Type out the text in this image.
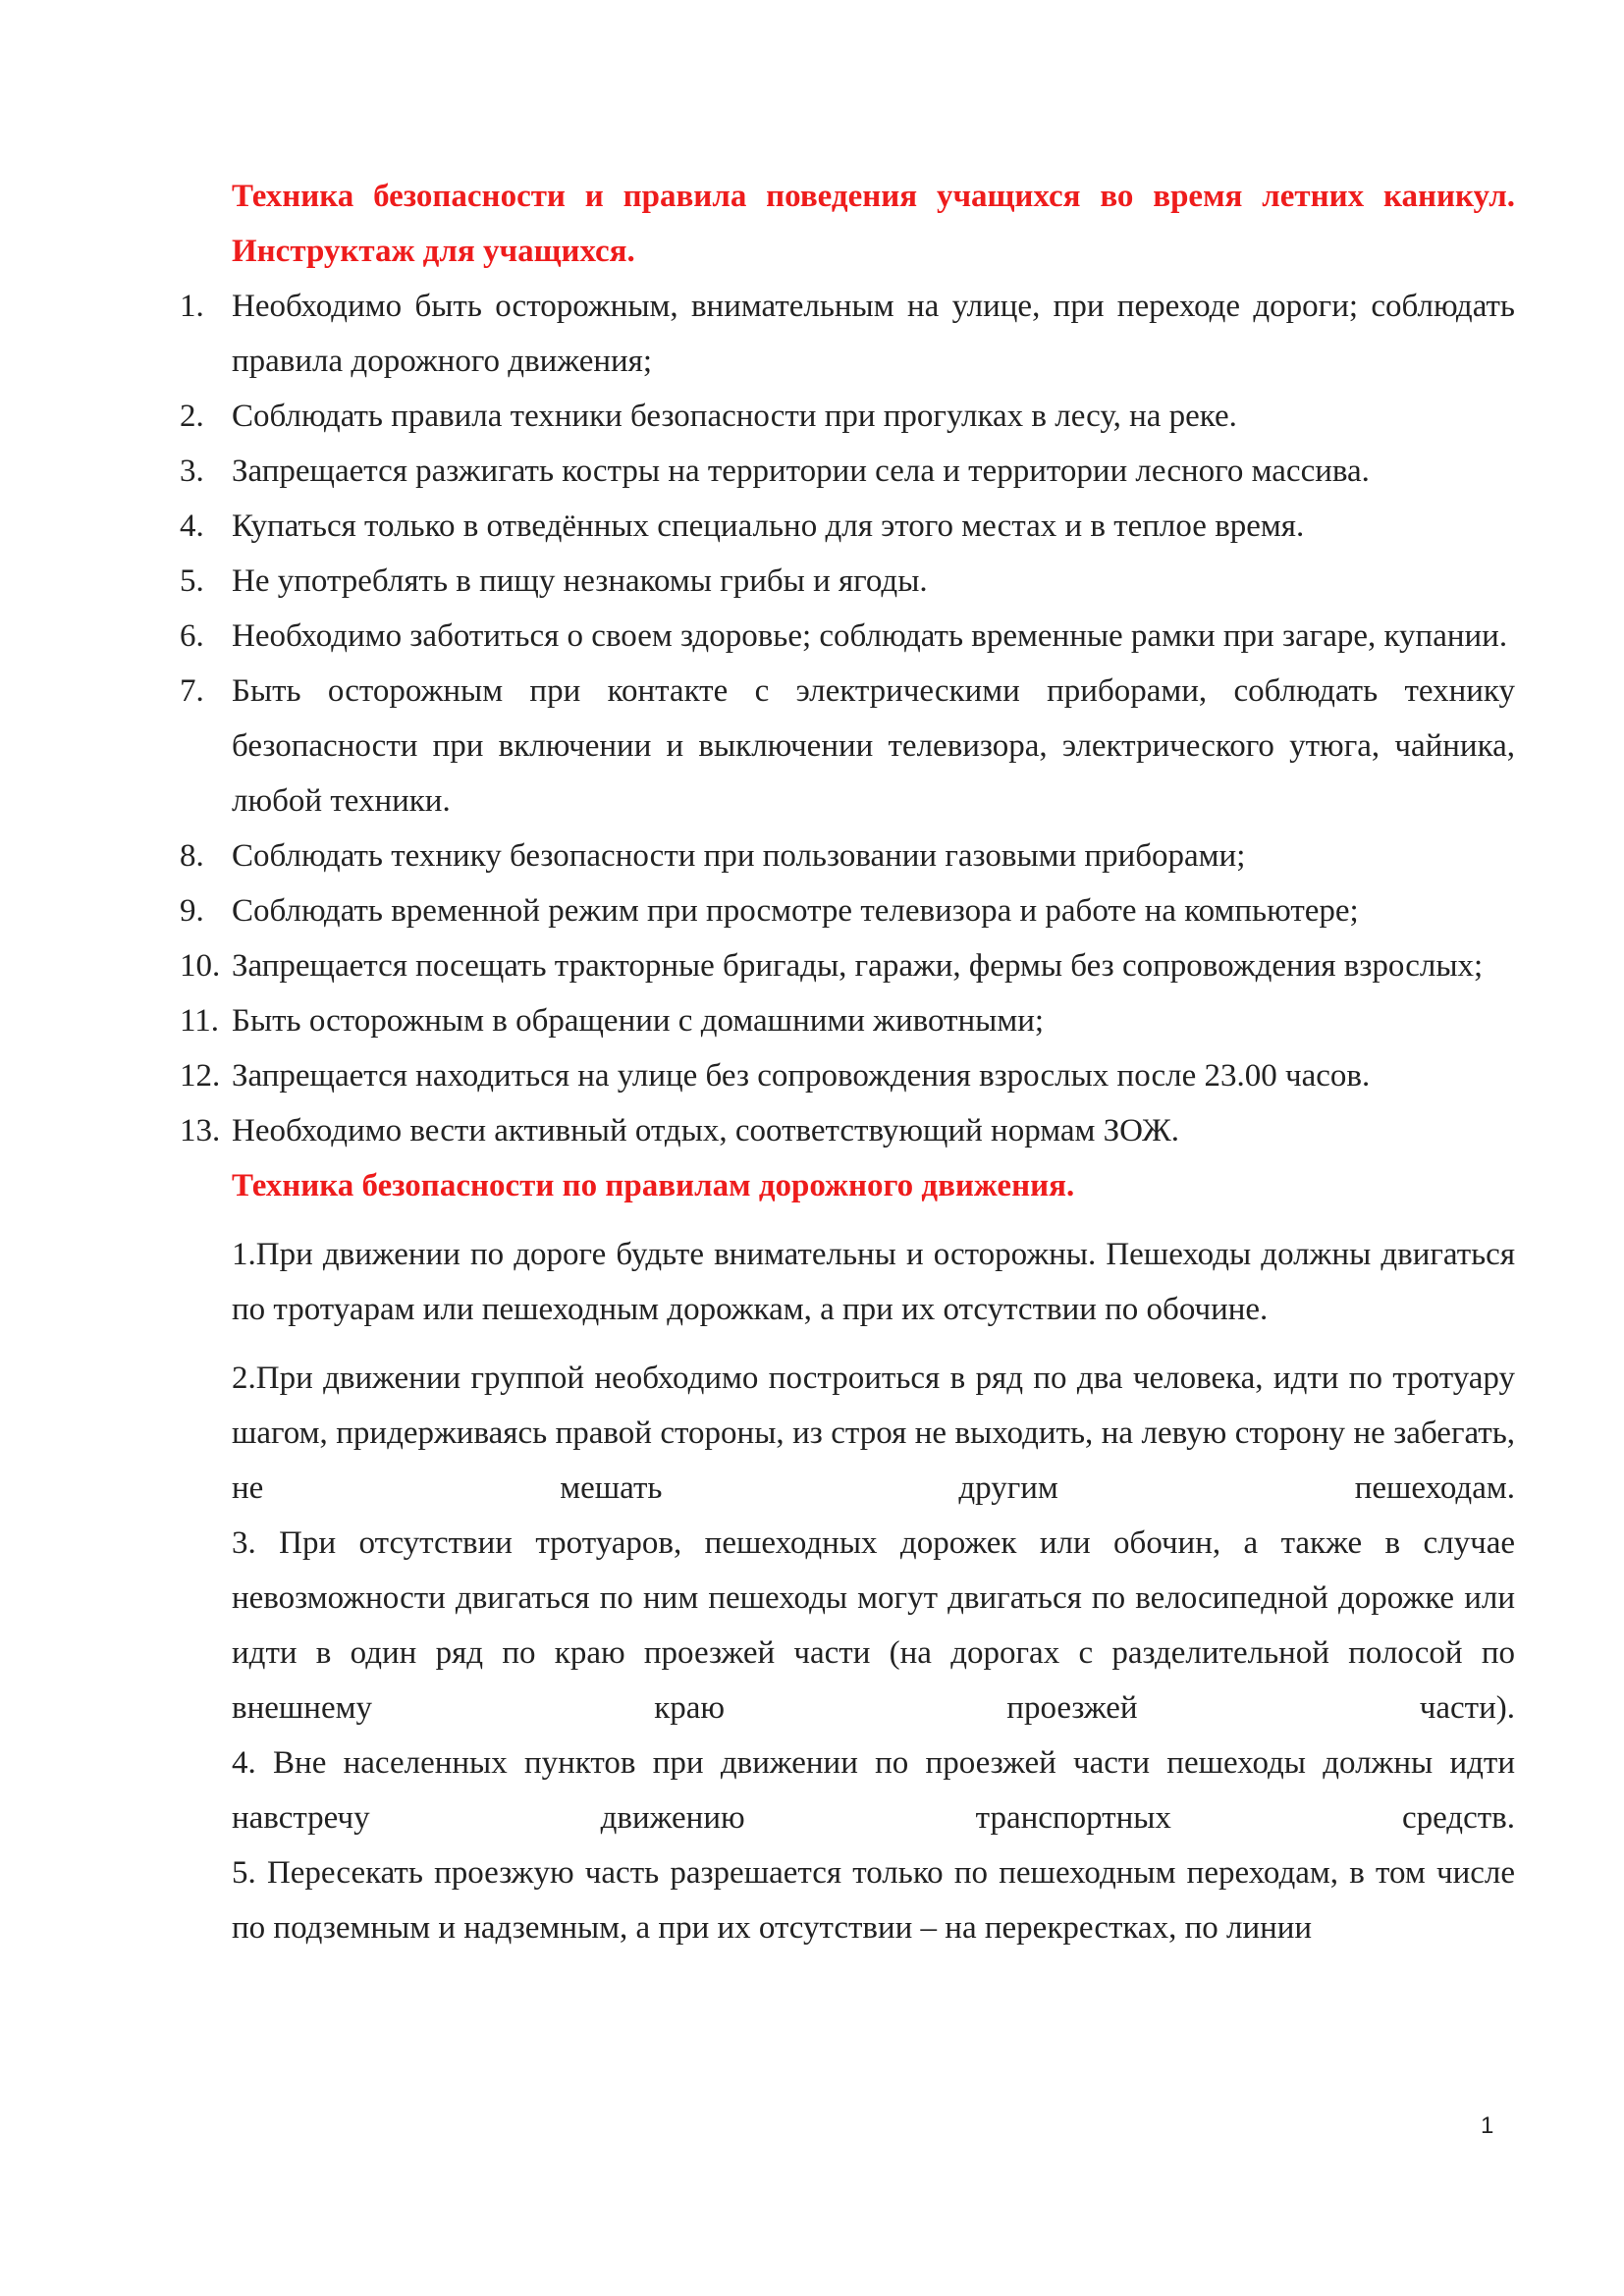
Техника безопасности и правила поведения учащихся во время летних каникул. Инструктаж для учащихся.

1. Необходимо быть осторожным, внимательным на улице, при переходе дороги; соблюдать правила дорожного движения;
2. Соблюдать правила техники безопасности при прогулках в лесу, на реке.
3. Запрещается разжигать костры на территории села и территории лесного массива.
4. Купаться только в отведённых специально для этого местах и в теплое время.
5. Не употреблять в пищу незнакомы грибы и ягоды.
6. Необходимо заботиться о своем здоровье; соблюдать временные рамки при загаре, купании.
7. Быть осторожным при контакте с электрическими приборами, соблюдать технику безопасности при включении и выключении телевизора, электрического утюга, чайника, любой техники.
8. Соблюдать технику безопасности при пользовании газовыми приборами;
9. Соблюдать временной режим при просмотре телевизора и работе на компьютере;
10. Запрещается посещать тракторные бригады, гаражи, фермы без сопровождения взрослых;
11. Быть осторожным в обращении с домашними животными;
12. Запрещается находиться на улице без сопровождения взрослых после 23.00 часов.
13. Необходимо вести активный отдых, соответствующий нормам ЗОЖ.

Техника безопасности по правилам дорожного движения.

1.При движении по дороге будьте внимательны и осторожны. Пешеходы должны двигаться по тротуарам или пешеходным дорожкам, а при их отсутствии по обочине.

2.При движении группой необходимо построиться в ряд по два человека, идти по тротуару шагом, придерживаясь правой стороны, из строя не выходить, на левую сторону не забегать, не мешать другим пешеходам.

3. При отсутствии тротуаров, пешеходных дорожек или обочин, а также в случае невозможности двигаться по ним пешеходы могут двигаться по велосипедной дорожке или идти в один ряд по краю проезжей части (на дорогах с разделительной полосой по внешнему краю проезжей части).

4. Вне населенных пунктов при движении по проезжей части пешеходы должны идти навстречу движению транспортных средств.

5. Пересекать проезжую часть разрешается только по пешеходным переходам, в том числе по подземным и надземным, а при их отсутствии – на перекрестках, по линии

1
